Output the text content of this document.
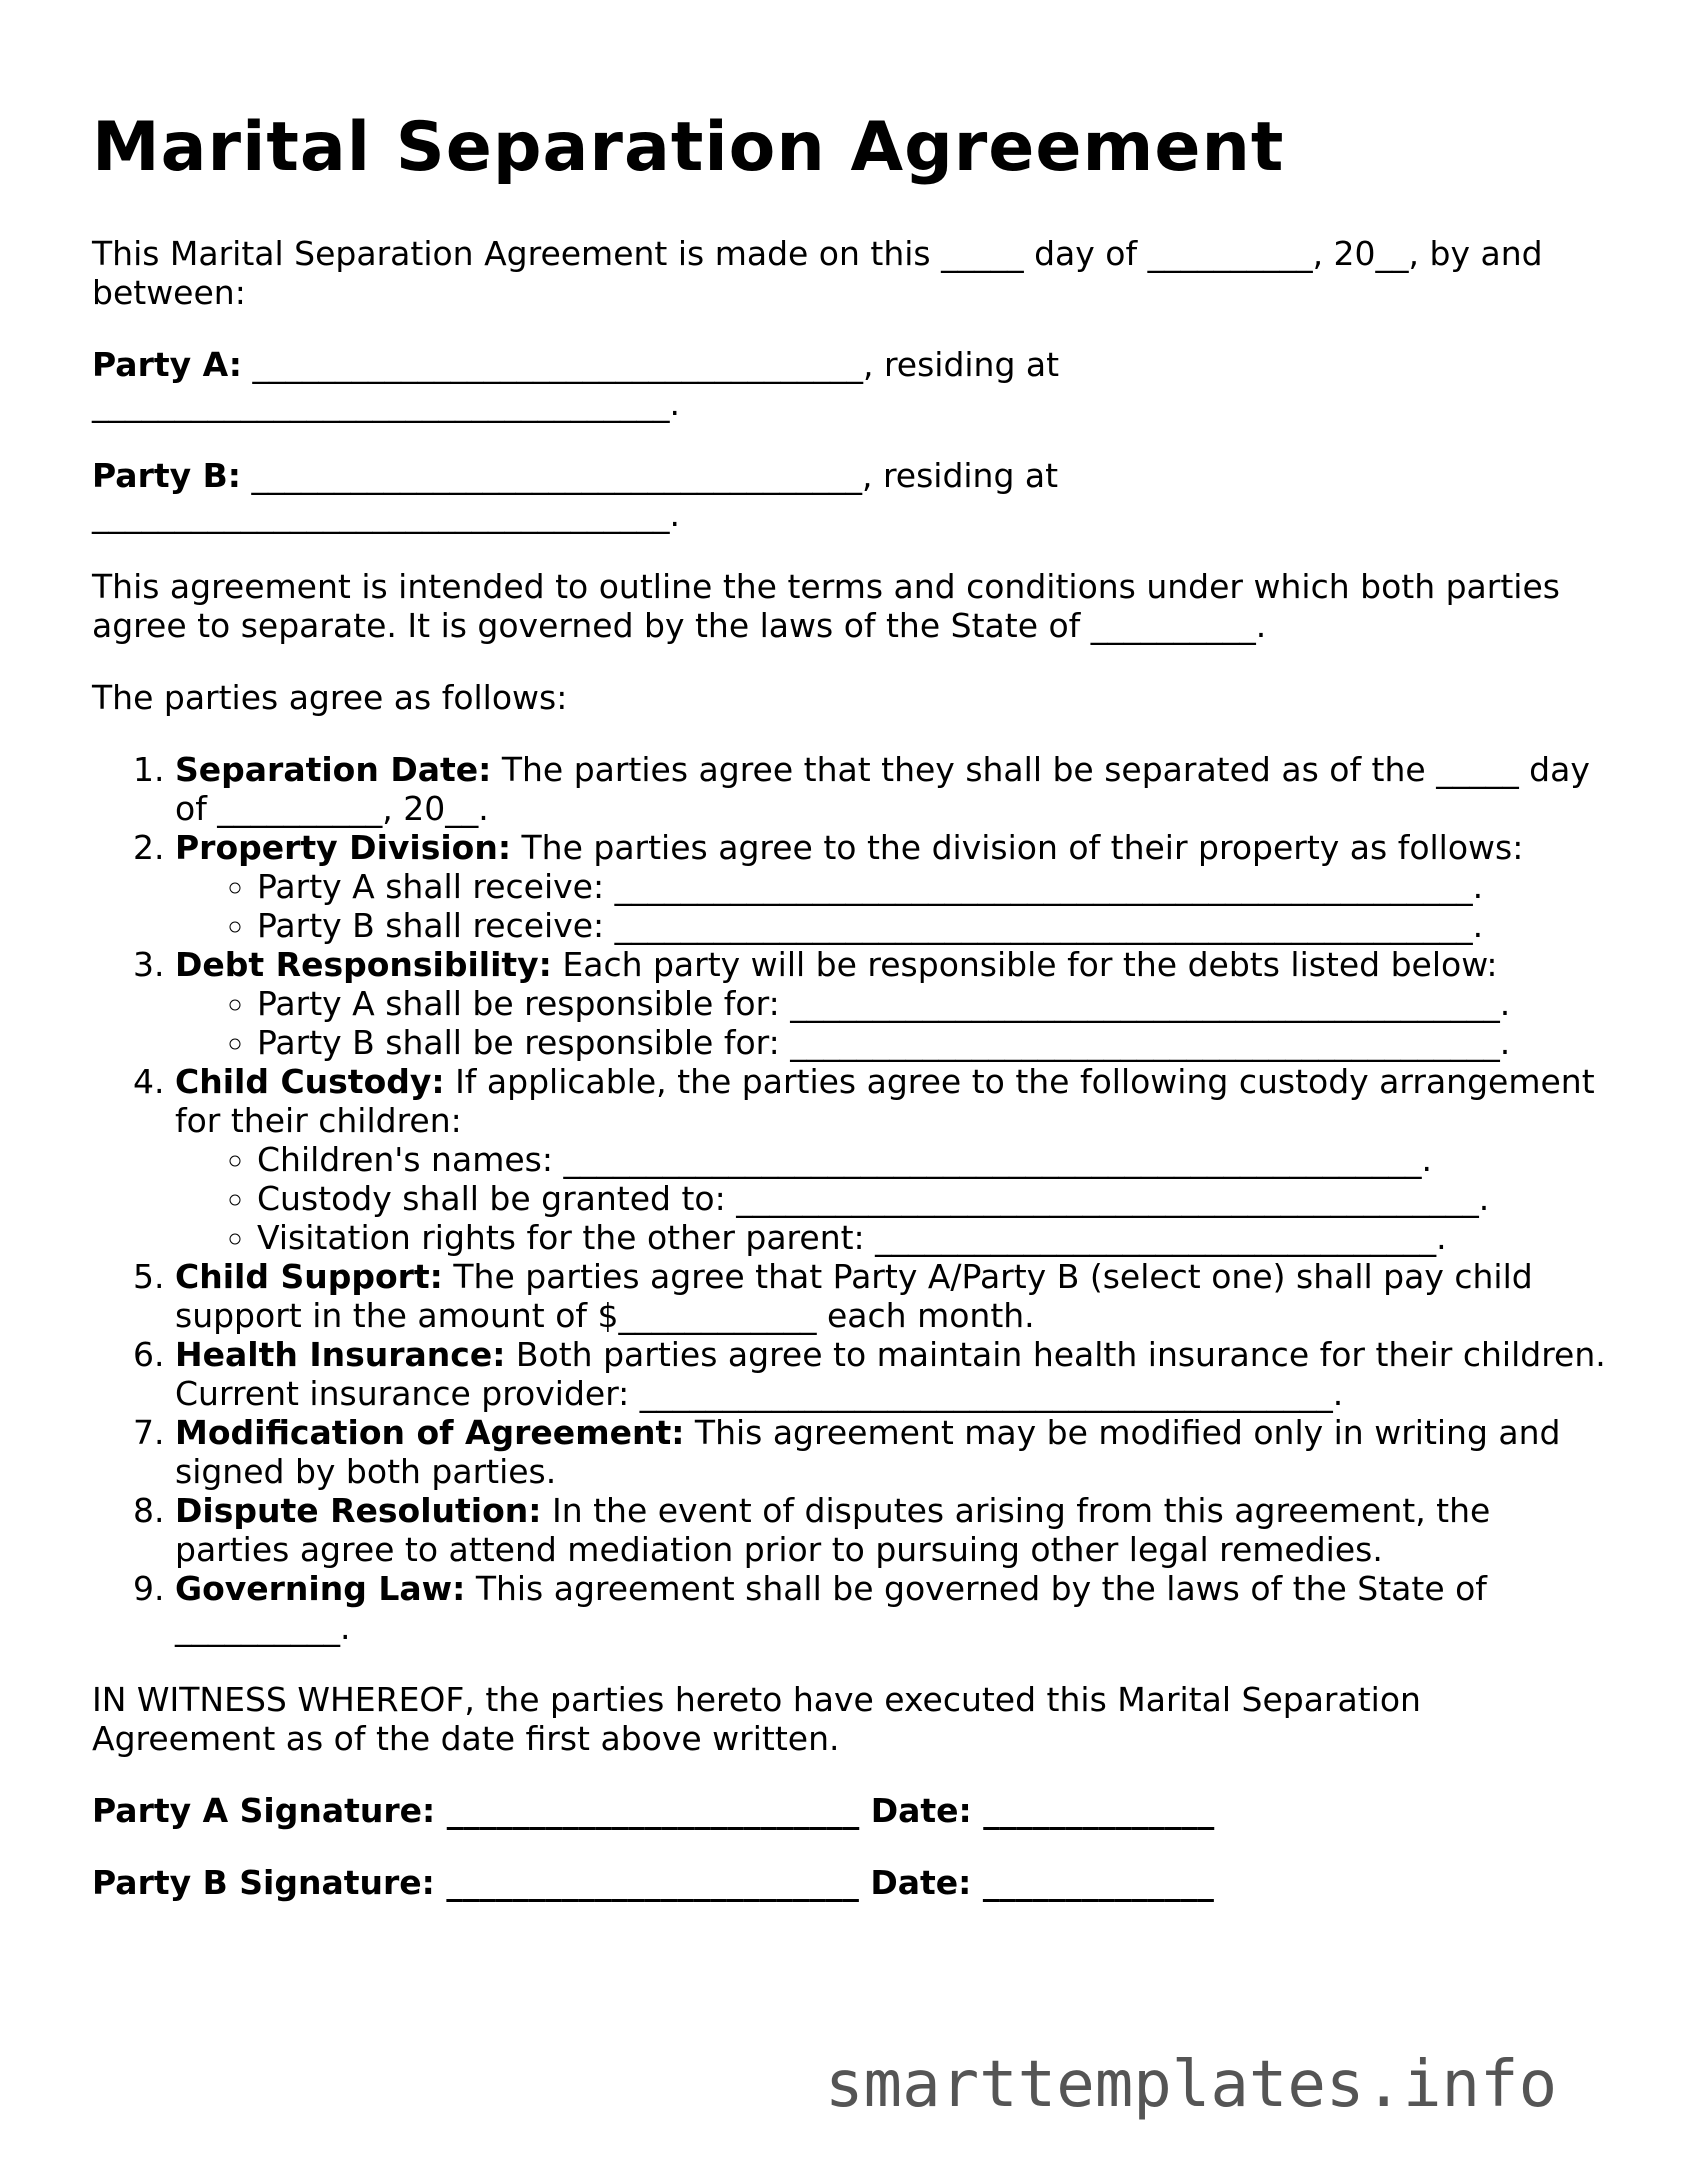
Marital Separation Agreement

This Marital Separation Agreement is made on this _____ day of __________, 20__, by and between:

Party A: _____________________________________, residing at ___________________________________.

Party B: _____________________________________, residing at ___________________________________.

This agreement is intended to outline the terms and conditions under which both parties agree to separate. It is governed by the laws of the State of __________.

The parties agree as follows:

1. Separation Date: The parties agree that they shall be separated as of the _____ day of __________, 20__.
2. Property Division: The parties agree to the division of their property as follows:
◦ Party A shall receive: ____________________________________________________.
◦ Party B shall receive: ____________________________________________________.
3. Debt Responsibility: Each party will be responsible for the debts listed below:
◦ Party A shall be responsible for: ___________________________________________.
◦ Party B shall be responsible for: ___________________________________________.
4. Child Custody: If applicable, the parties agree to the following custody arrangement for their children:
◦ Children's names: ____________________________________________________.
◦ Custody shall be granted to: _____________________________________________.
◦ Visitation rights for the other parent: __________________________________.
5. Child Support: The parties agree that Party A/Party B (select one) shall pay child support in the amount of $____________ each month.
6. Health Insurance: Both parties agree to maintain health insurance for their children. Current insurance provider: __________________________________________.
7. Modification of Agreement: This agreement may be modified only in writing and signed by both parties.
8. Dispute Resolution: In the event of disputes arising from this agreement, the parties agree to attend mediation prior to pursuing other legal remedies.
9. Governing Law: This agreement shall be governed by the laws of the State of __________.

IN WITNESS WHEREOF, the parties hereto have executed this Marital Separation Agreement as of the date first above written.

Party A Signature: _________________________ Date: ______________

Party B Signature: _________________________ Date: ______________

smarttemplates.info
